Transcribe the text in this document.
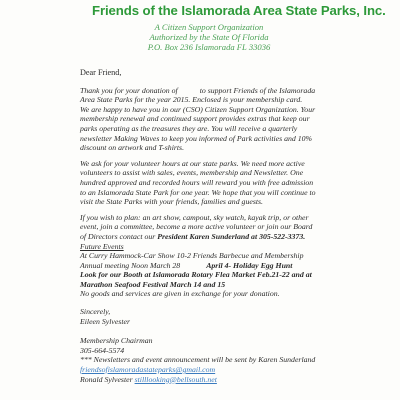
Friends of the Islamorada Area State Parks, Inc.
A Citizen Support Organization
Authorized by the State Of Florida
P.O. Box 236 Islamorada FL 33036

Dear Friend,

Thank you for your donation of	to support Friends of the Islamorada
Area State Parks for the year 2015. Enclosed is your membership card.
We are happy to have you in our (CSO) Citizen Support Organization. Your
membership renewal and continued support provides extras that keep our
parks operating as the treasures they are. You will receive a quarterly
newsletter Making Waves to keep you informed of Park activities and 10%
discount on artwork and T-shirts.

We ask for your volunteer hours at our state parks. We need more active
volunteers to assist with sales, events, membership and Newsletter. One
hundred approved and recorded hours will reward you with free admission
to an Islamorada State Park for one year. We hope that you will continue to
visit the State Parks with your friends, families and guests.

If you wish to plan: an art show, campout, sky watch, kayak trip, or other
event, join a committee, become a more active volunteer or join our Board
of Directors contact our President Karen Sunderland at 305-522-3373.
Future Events
At Curry Hammock-Car Show 10-2 Friends Barbecue and Membership
Annual meeting Noon March 28	April 4- Holiday Egg Hunt
Look for our Booth at Islamorada Rotary Flea Market Feb.21-22 and at
Marathon Seafood Festival March 14 and 15
No goods and services are given in exchange for your donation.

Sincerely,
Eileen Sylvester

Membership Chairman
305-664-5574
*** Newsletters and event announcement will be sent by Karen Sunderland
friendsofislamoradastateparks@gmail.com
Ronald Sylvester stilllooking@bellsouth.net
